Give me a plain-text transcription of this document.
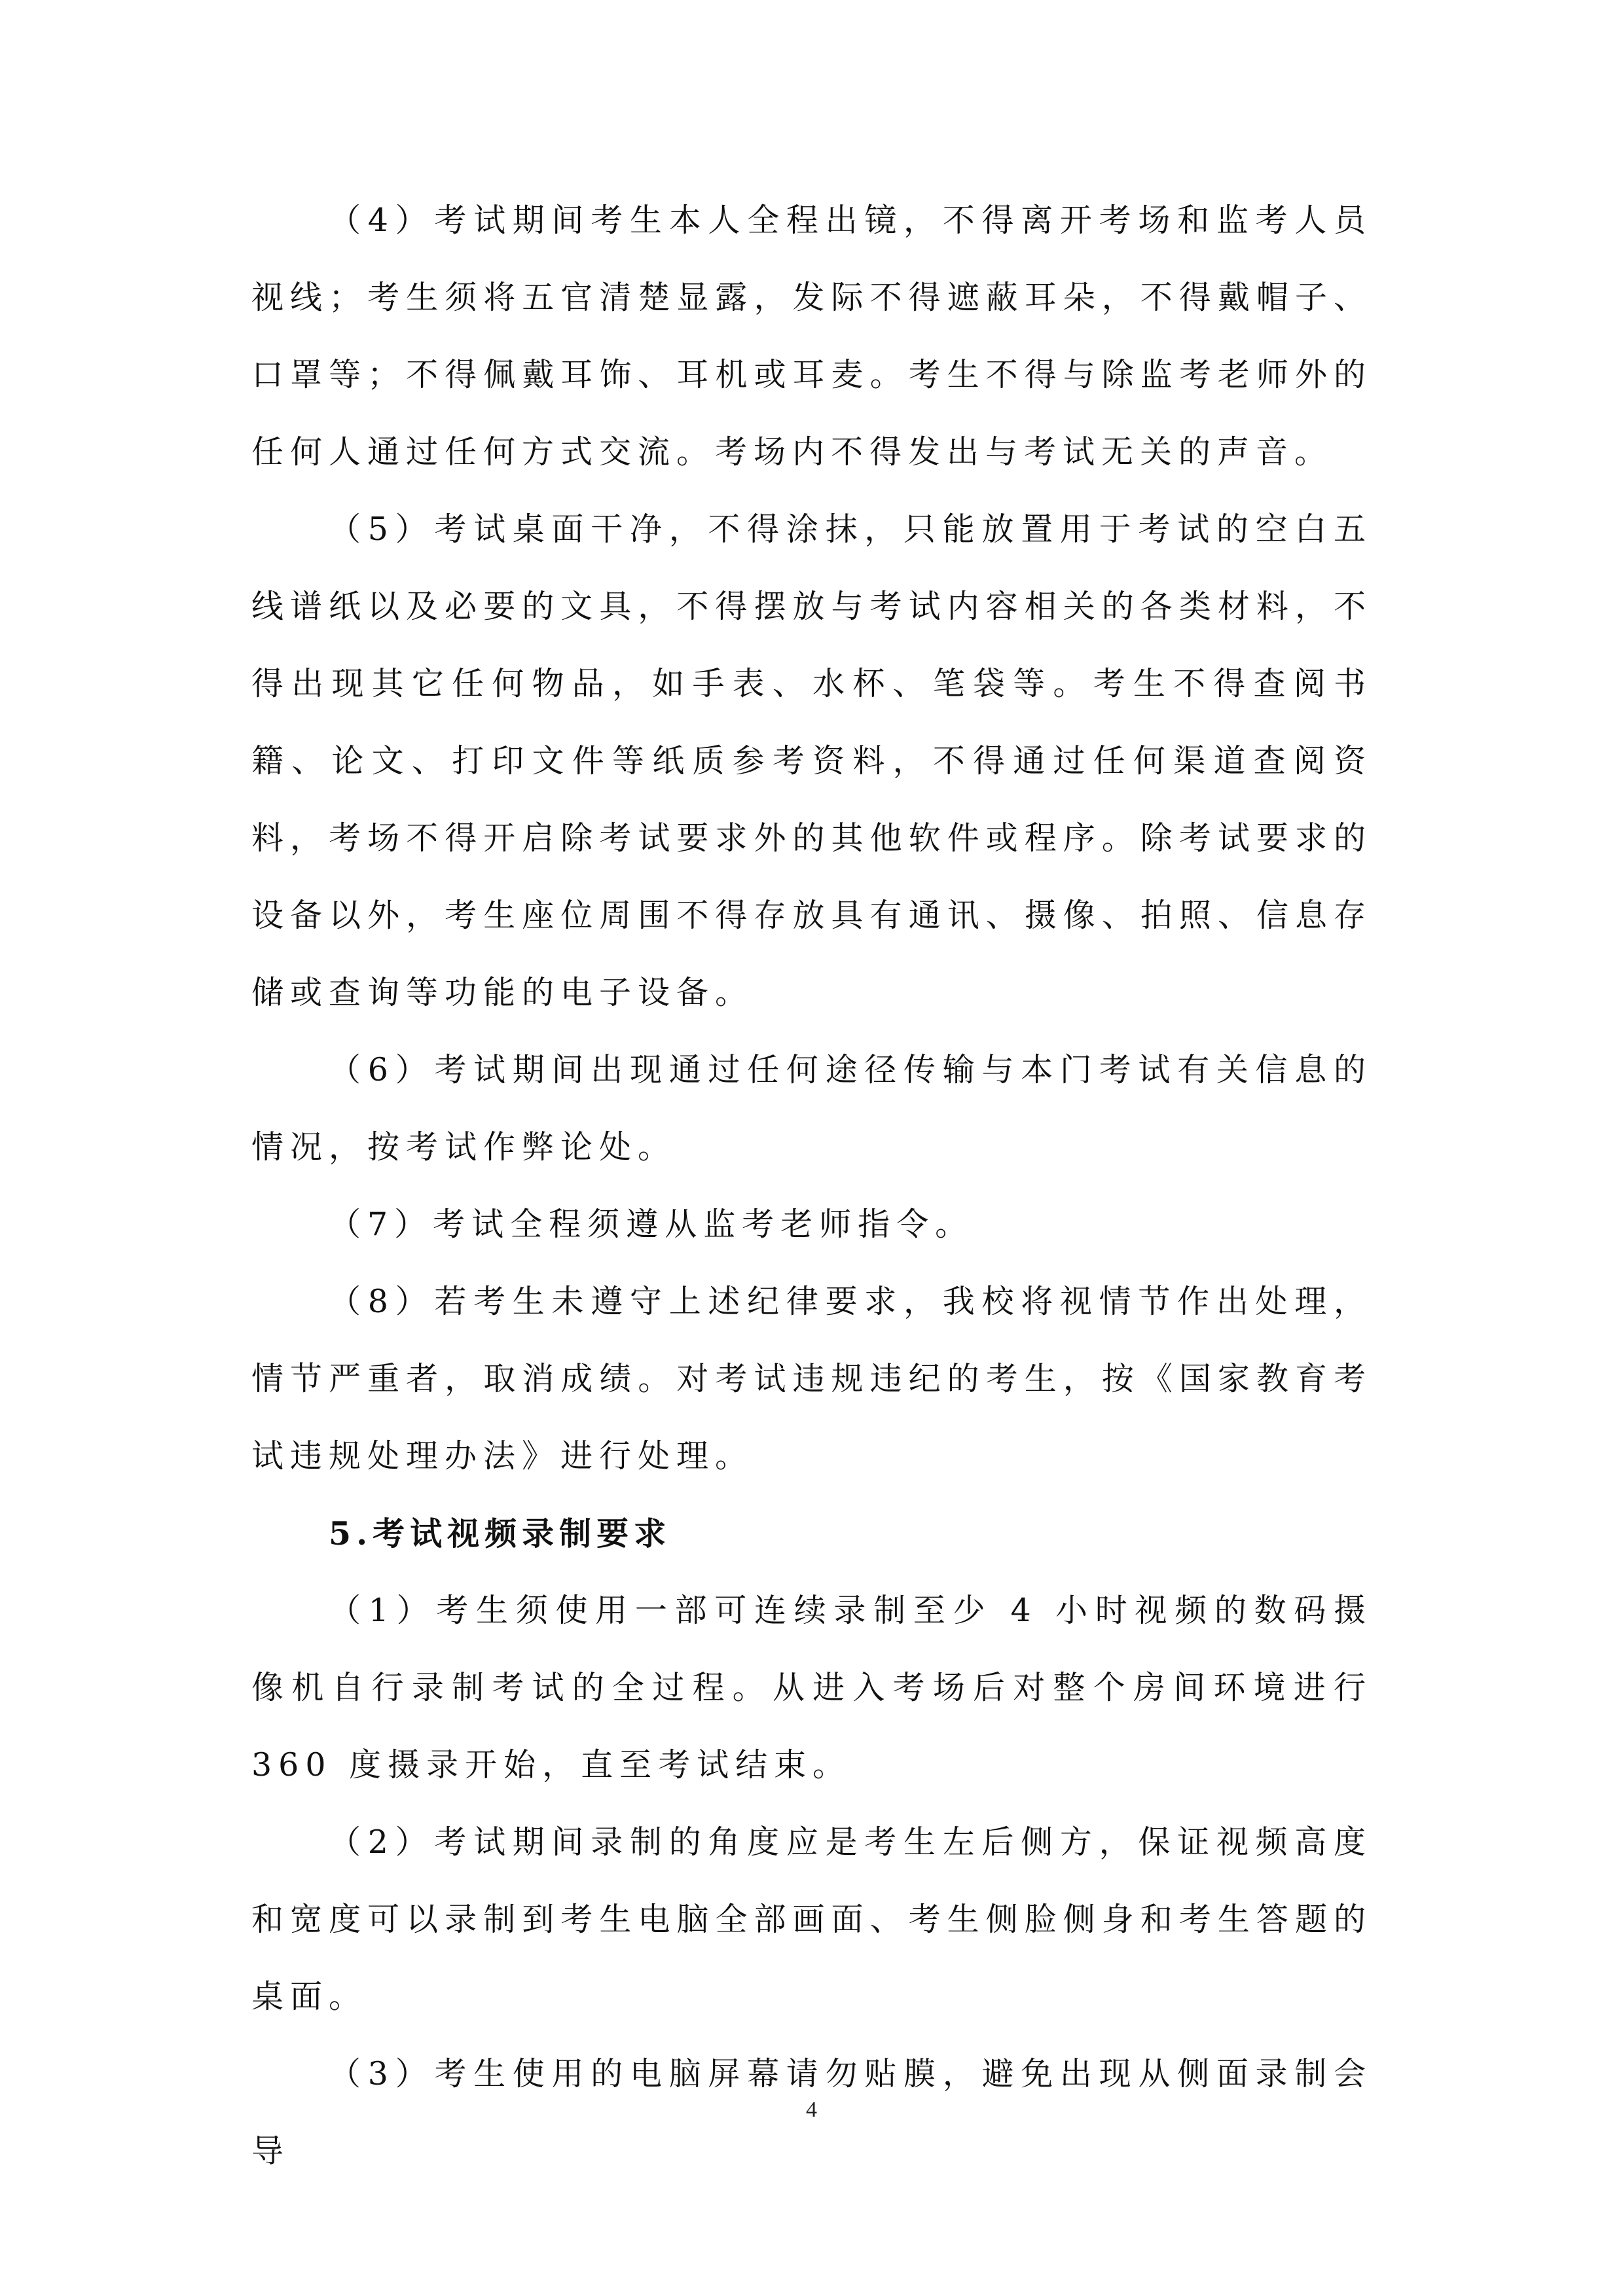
（4）考试期间考生本人全程出镜，不得离开考场和监考人员视线；考生须将五官清楚显露，发际不得遮蔽耳朵，不得戴帽子、口罩等；不得佩戴耳饰、耳机或耳麦。考生不得与除监考老师外的任何人通过任何方式交流。考场内不得发出与考试无关的声音。

（5）考试桌面干净，不得涂抹，只能放置用于考试的空白五线谱纸以及必要的文具，不得摆放与考试内容相关的各类材料，不得出现其它任何物品，如手表、水杯、笔袋等。考生不得查阅书籍、论文、打印文件等纸质参考资料，不得通过任何渠道查阅资料，考场不得开启除考试要求外的其他软件或程序。除考试要求的设备以外，考生座位周围不得存放具有通讯、摄像、拍照、信息存储或查询等功能的电子设备。

（6）考试期间出现通过任何途径传输与本门考试有关信息的情况，按考试作弊论处。

（7）考试全程须遵从监考老师指令。

（8）若考生未遵守上述纪律要求，我校将视情节作出处理，情节严重者，取消成绩。对考试违规违纪的考生，按《国家教育考试违规处理办法》进行处理。

5.考试视频录制要求

（1）考生须使用一部可连续录制至少 4 小时视频的数码摄像机自行录制考试的全过程。从进入考场后对整个房间环境进行 360 度摄录开始，直至考试结束。

（2）考试期间录制的角度应是考生左后侧方，保证视频高度和宽度可以录制到考生电脑全部画面、考生侧脸侧身和考生答题的桌面。

（3）考生使用的电脑屏幕请勿贴膜，避免出现从侧面录制会导

4
